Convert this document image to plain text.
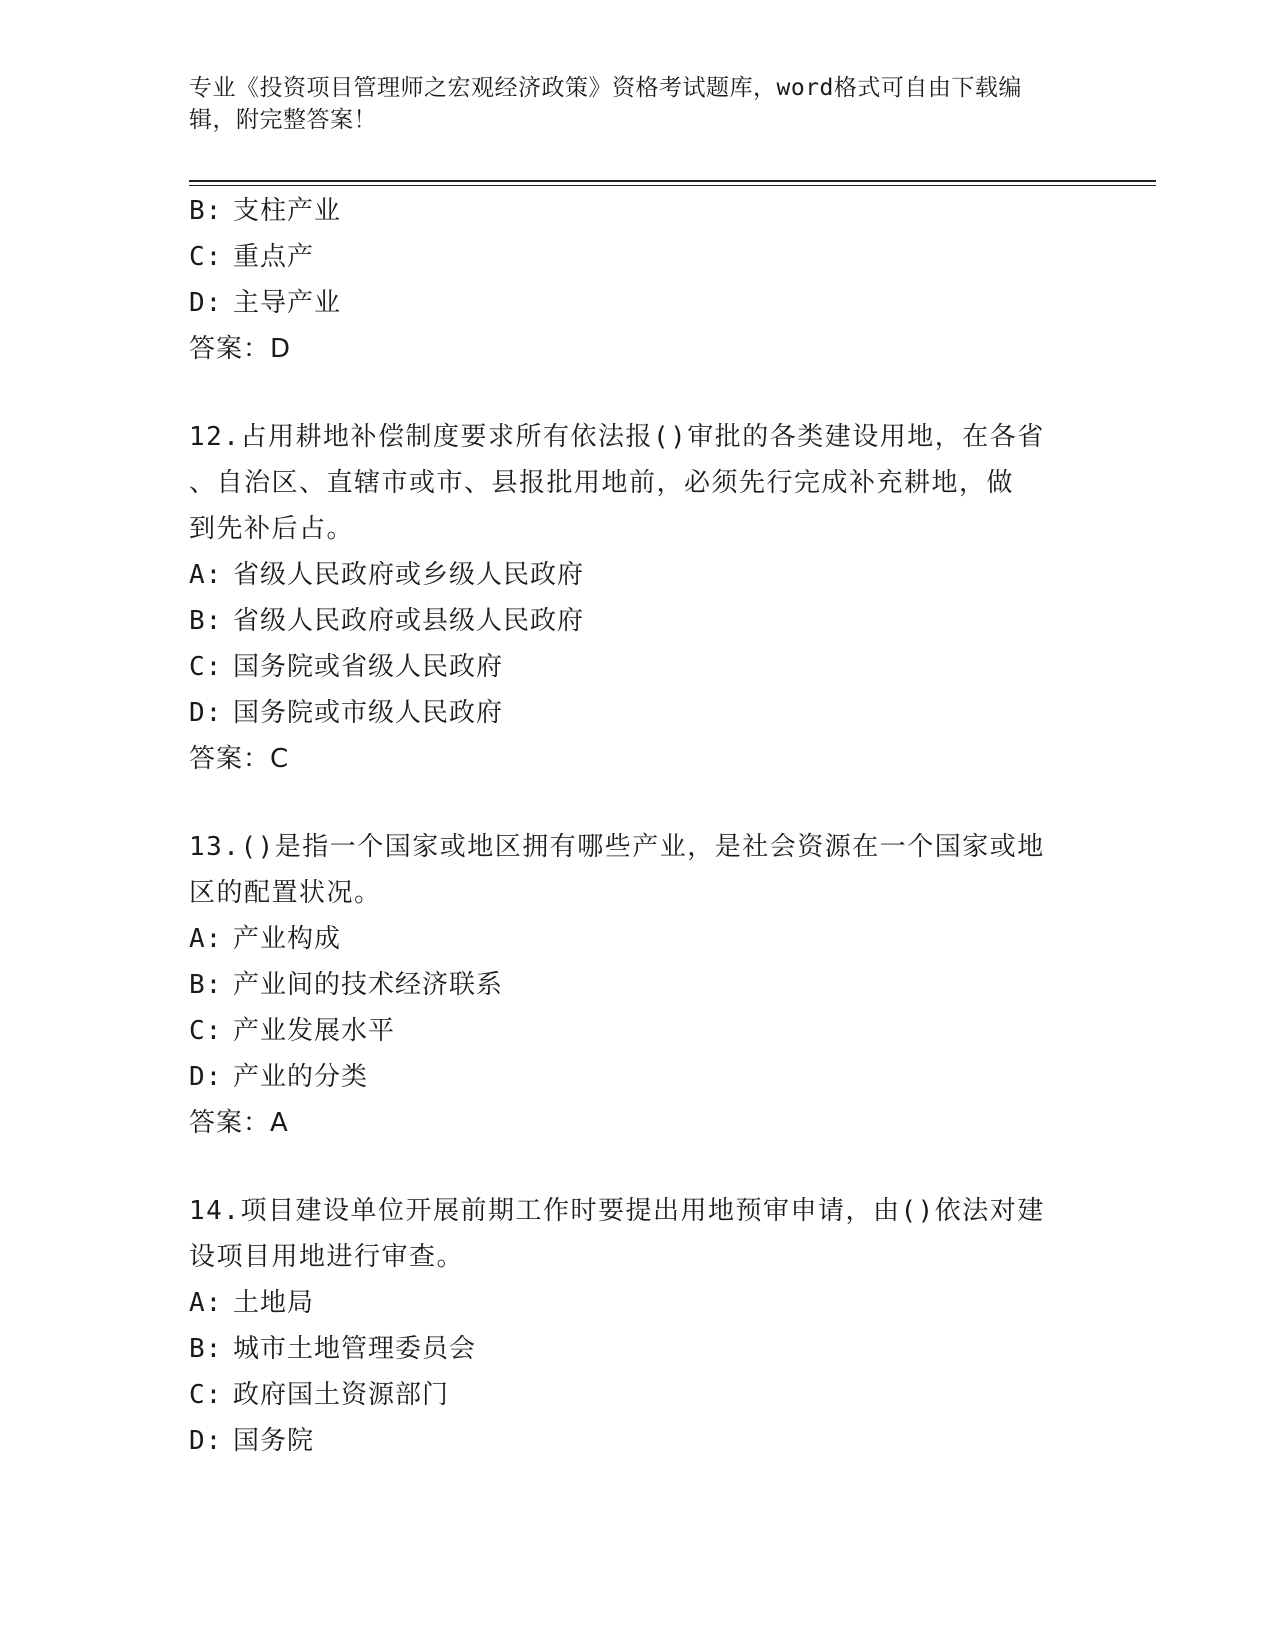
专业《投资项目管理师之宏观经济政策》资格考试题库，word格式可自由下载编
辑，附完整答案！
B: 支柱产业
C: 重点产
D: 主导产业
答案：D
12.占用耕地补偿制度要求所有依法报()审批的各类建设用地，在各省
、自治区、直辖市或市、县报批用地前，必须先行完成补充耕地，做
到先补后占。
A: 省级人民政府或乡级人民政府
B: 省级人民政府或县级人民政府
C: 国务院或省级人民政府
D: 国务院或市级人民政府
答案：C
13.()是指一个国家或地区拥有哪些产业，是社会资源在一个国家或地
区的配置状况。
A: 产业构成
B: 产业间的技术经济联系
C: 产业发展水平
D: 产业的分类
答案：A
14.项目建设单位开展前期工作时要提出用地预审申请，由()依法对建
设项目用地进行审查。
A: 土地局
B: 城市土地管理委员会
C: 政府国土资源部门
D: 国务院
